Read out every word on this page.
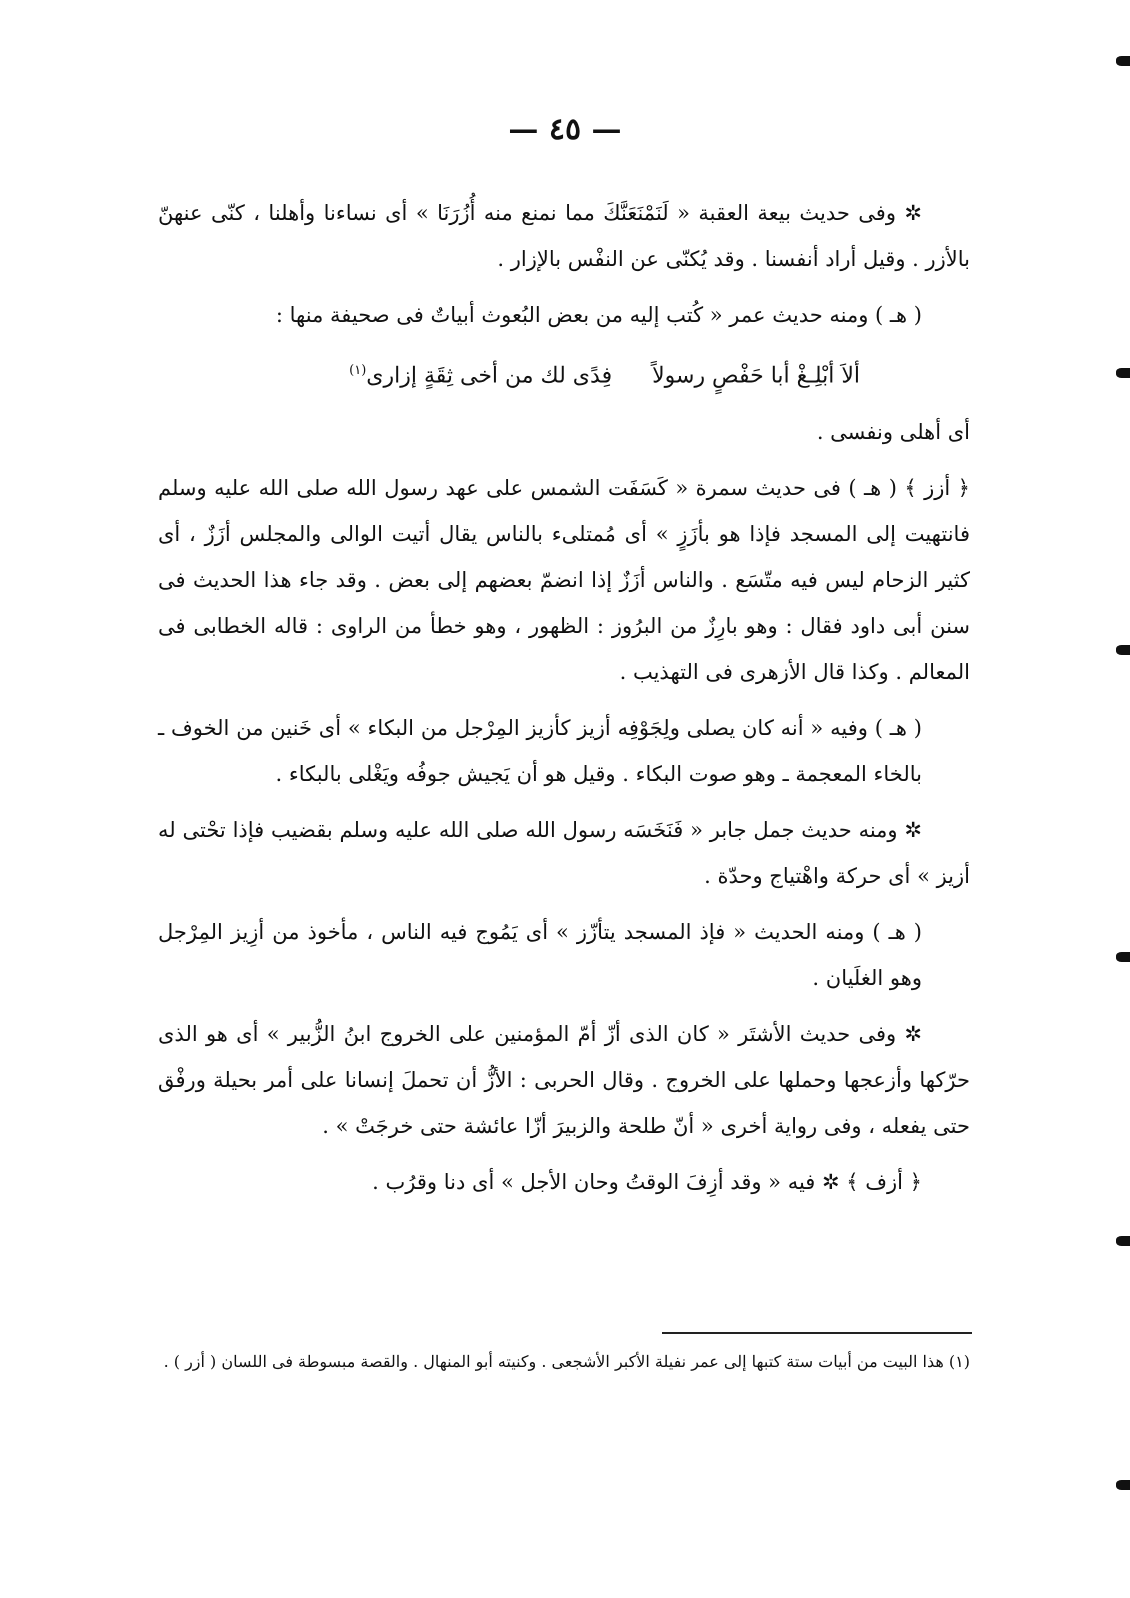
— ٤٥ —

✲ وفى حديث بيعة العقبة « لَنَمْنَعَنَّكَ مما نمنع منه أُزُرَنَا » أى نساءنا وأهلنا ، كنّى عنهنّ بالأزر . وقيل أراد أنفسنا . وقد يُكنّى عن النفْس بالإزار .

( هـ ) ومنه حديث عمر « كُتب إليه من بعض البُعوث أبياتٌ فى صحيفة منها :

ألاَ أبْلِـغْ أبا حَفْصٍ رسولاًفِدًى لك من أخى ثِقَةٍ إزارى$^{(١)}$

أى أهلى ونفسى .

﴿ أزز ﴾ ( هـ ) فى حديث سمرة « كَسَفَت الشمس على عهد رسول الله صلى الله عليه وسلم فانتهيت إلى المسجد فإذا هو بأزَزٍ » أى مُمتلىء بالناس يقال أتيت الوالى والمجلس أزَزٌ ، أى كثير الزحام ليس فيه متّسَع . والناس أزَزٌ إذا انضمّ بعضهم إلى بعض . وقد جاء هذا الحديث فى سنن أبى داود فقال : وهو بارِزٌ من البرُوز : الظهور ، وهو خطأ من الراوى : قاله الخطابى فى المعالم . وكذا قال الأزهرى فى التهذيب .

( هـ ) وفيه « أنه كان يصلى ولِجَوْفِه أزيز كأزيز المِرْجل من البكاء » أى خَنين من الخوف ـ بالخاء المعجمة ـ وهو صوت البكاء . وقيل هو أن يَجيش جوفُه ويَغْلى بالبكاء .

✲ ومنه حديث جمل جابر « فَنَخَسَه رسول الله صلى الله عليه وسلم بقضيب فإذا تحْتى له أزيز » أى حركة واهْتياج وحدّة .

( هـ ) ومنه الحديث « فإذ المسجد يتأزّز » أى يَمُوج فيه الناس ، مأخوذ من أزِيز المِرْجل وهو الغلَيان .

✲ وفى حديث الأشتَر « كان الذى أزّ أمّ المؤمنين على الخروج ابنُ الزُّبير » أى هو الذى حرّكها وأزعجها وحملها على الخروج . وقال الحربى : الأزُّ أن تحملَ إنسانا على أمر بحيلة ورفْق حتى يفعله ، وفى رواية أخرى « أنّ طلحة والزبيرَ أزّا عائشة حتى خرجَتْ » .

﴿ أزف ﴾ ✲ فيه « وقد أزِفَ الوقتُ وحان الأجل » أى دنا وقرُب .

(١) هذا البيت من أبيات ستة كتبها إلى عمر نفيلة الأكبر الأشجعى . وكنيته أبو المنهال . والقصة مبسوطة فى اللسان ( أزر ) .
